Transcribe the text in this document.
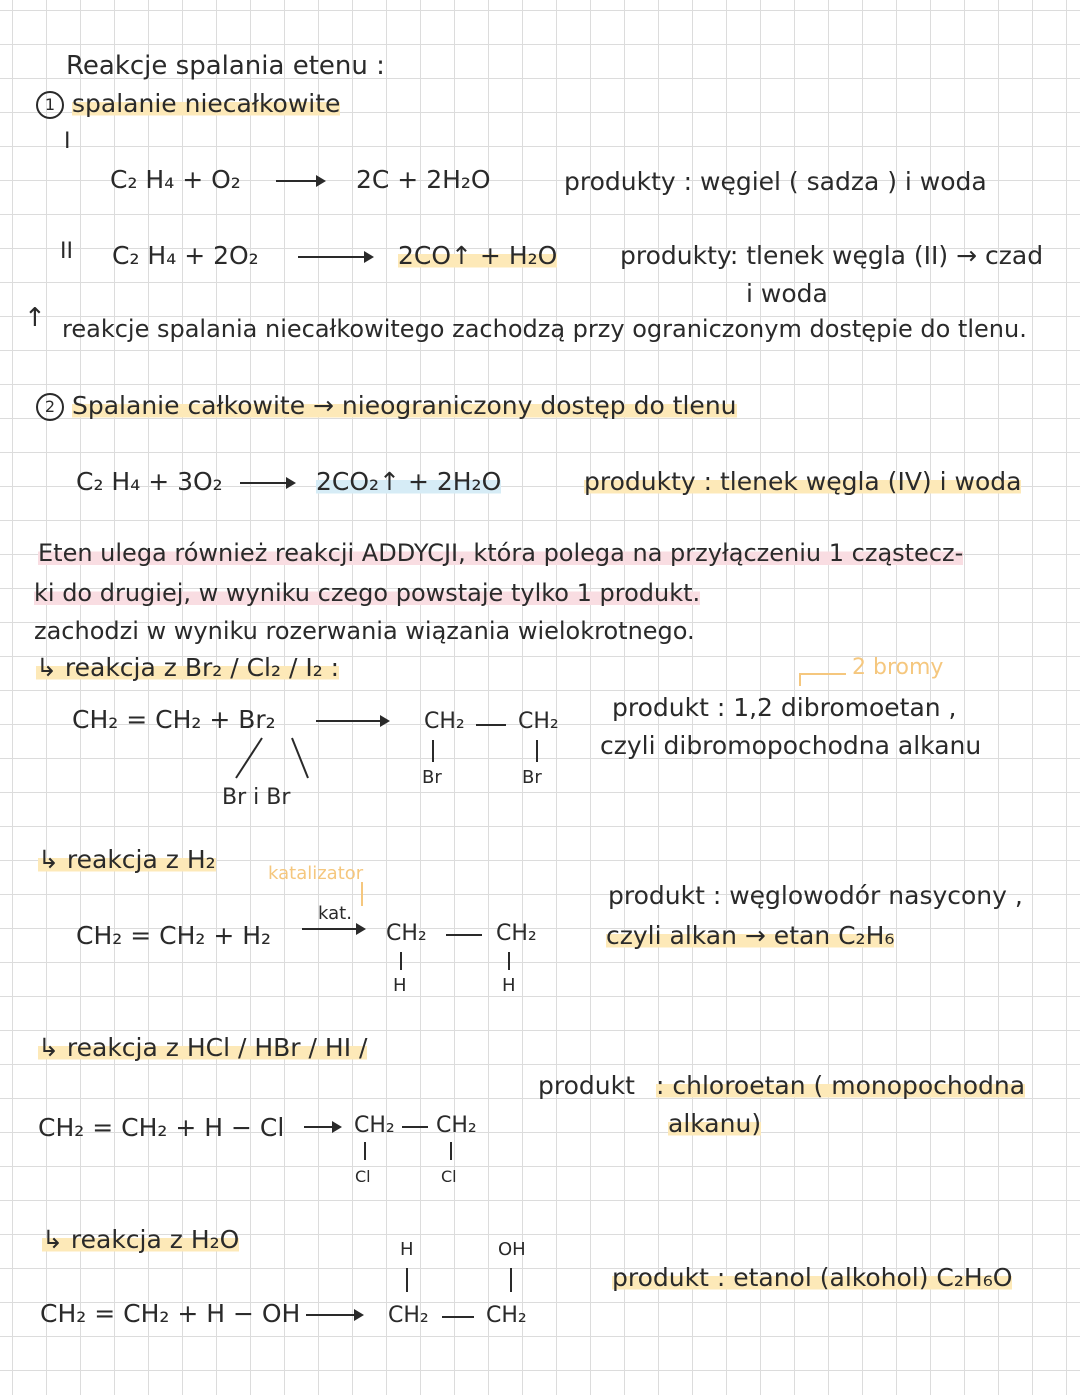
Reakcje spalania etenu :
1 spalanie niecałkowite
I
C₂ H₄ + O₂	2C + 2H₂O	produkty : węgiel ( sadza ) i woda
II C₂ H₄ + 2O₂	2CO↑ + H₂O	produkty: tlenek węgla (II) → czad
i woda
↑ reakcje spalania niecałkowitego zachodzą przy ograniczonym dostępie do tlenu.
2 Spalanie całkowite → nieograniczony dostęp do tlenu
C₂ H₄ + 3O₂ → 2CO₂↑ + 2H₂O	produkty : tlenek węgla (IV) i woda
Eten ulega również reakcji ADDYCJI, która polega na przyłączeniu 1 cząstecz-
ki do drugiej, w wyniku czego powstaje tylko 1 produkt.
zachodzi w wyniku rozerwania wiązania wielokrotnego.
↳ reakcja z Br₂ / Cl₂ / I₂ :	2 bromy
CH₂ = CH₂ + Br₂
Br i Br
CH₂ CH₂
Br	Br
produkt : 1,2 dibromoetan ,
czyli dibromopochodna alkanu
↳ reakcja z H₂	katalizator
CH₂ = CH₂ + H₂
kat.
→ CH₂	CH₂
H	H
produkt : węglowodór nasycony ,
czyli alkan → etan C₂H₆
↳ reakcja z HCl / HBr / HI /
produkt : chloroetan ( monopochodna
alkanu)
CH₂ = CH₂ + H − Cl → CH₂ CH₂
Cl	Cl
↳ reakcja z H₂O	H	OH
CH₂ = CH₂ + H − OH → CH₂	CH₂
produkt : etanol (alkohol) C₂H₆O
